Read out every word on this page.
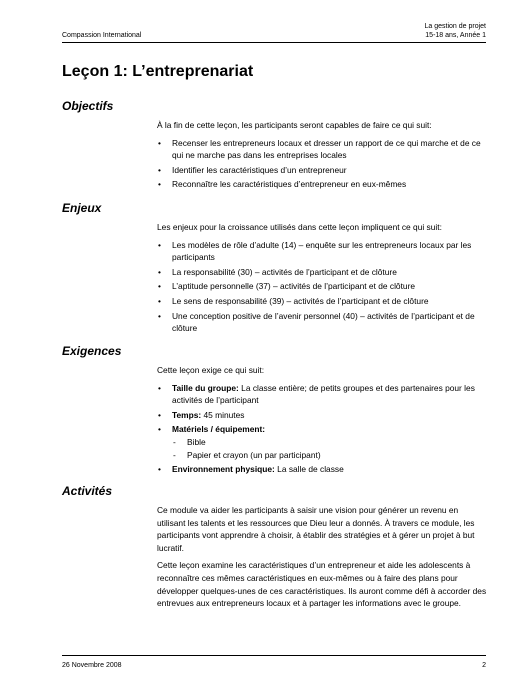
Compassion International
La gestion de projet
15-18 ans, Année 1
Leçon 1: L’entreprenariat
Objectifs

À la fin de cette leçon, les participants seront capables de faire ce qui suit:

•	Recenser les entrepreneurs locaux et dresser un rapport de ce qui marche et de ce qui ne marche pas dans les entreprises locales
•	Identifier les caractéristiques d’un entrepreneur
•	Reconnaître les caractéristiques d’entrepreneur en eux-mêmes
Enjeux

Les enjeux pour la croissance utilisés dans cette leçon impliquent ce qui suit:

•	Les modèles de rôle d’adulte (14) – enquête sur les entrepreneurs locaux par les participants
•	La responsabilité (30) – activités de l’participant et de clôture
•	L’aptitude personnelle (37) – activités de l’participant et de clôture
•	Le sens de responsabilité (39) – activités de l’participant et de clôture
•	Une conception positive de l’avenir personnel (40) – activités de l’participant et de clôture
Exigences

Cette leçon exige ce qui suit:

•	Taille du groupe: La classe entière; de petits groupes et des partenaires pour les activités de l’participant
•	Temps: 45 minutes
•	Matériels / équipement:
- Bible
- Papier et crayon (un par participant)
•	Environnement physique: La salle de classe
Activités

Ce module va aider les participants à saisir une vision pour générer un revenu en utilisant les talents et les ressources que Dieu leur a donnés. À travers ce module, les participants vont apprendre à choisir, à établir des stratégies et à gérer un projet à but lucratif.

Cette leçon examine les caractéristiques d’un entrepreneur et aide les adolescents à reconnaître ces mêmes caractéristiques en eux-mêmes ou à faire des plans pour développer quelques-unes de ces caractéristiques. Ils auront comme défi à accorder des entrevues aux entrepreneurs locaux et à partager les informations avec le groupe.

26 Novembre 2008	2
